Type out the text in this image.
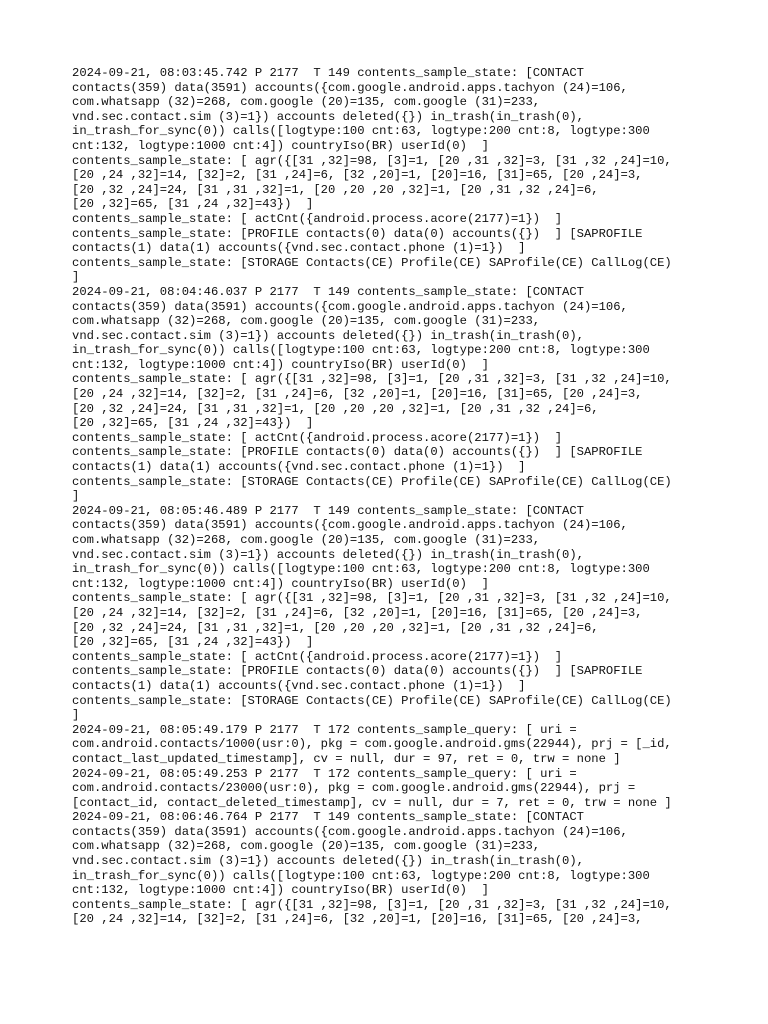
2024-09-21, 08:03:45.742 P 2177  T 149 contents_sample_state: [CONTACT
contacts(359) data(3591) accounts({com.google.android.apps.tachyon (24)=106,
com.whatsapp (32)=268, com.google (20)=135, com.google (31)=233,
vnd.sec.contact.sim (3)=1}) accounts deleted({}) in_trash(in_trash(0),
in_trash_for_sync(0)) calls([logtype:100 cnt:63, logtype:200 cnt:8, logtype:300
cnt:132, logtype:1000 cnt:4]) countryIso(BR) userId(0)  ]
contents_sample_state: [ agr({[31 ,32]=98, [3]=1, [20 ,31 ,32]=3, [31 ,32 ,24]=10,
[20 ,24 ,32]=14, [32]=2, [31 ,24]=6, [32 ,20]=1, [20]=16, [31]=65, [20 ,24]=3,
[20 ,32 ,24]=24, [31 ,31 ,32]=1, [20 ,20 ,20 ,32]=1, [20 ,31 ,32 ,24]=6,
[20 ,32]=65, [31 ,24 ,32]=43})  ]
contents_sample_state: [ actCnt({android.process.acore(2177)=1})  ]
contents_sample_state: [PROFILE contacts(0) data(0) accounts({})  ] [SAPROFILE
contacts(1) data(1) accounts({vnd.sec.contact.phone (1)=1})  ]
contents_sample_state: [STORAGE Contacts(CE) Profile(CE) SAProfile(CE) CallLog(CE)
]
2024-09-21, 08:04:46.037 P 2177  T 149 contents_sample_state: [CONTACT
contacts(359) data(3591) accounts({com.google.android.apps.tachyon (24)=106,
com.whatsapp (32)=268, com.google (20)=135, com.google (31)=233,
vnd.sec.contact.sim (3)=1}) accounts deleted({}) in_trash(in_trash(0),
in_trash_for_sync(0)) calls([logtype:100 cnt:63, logtype:200 cnt:8, logtype:300
cnt:132, logtype:1000 cnt:4]) countryIso(BR) userId(0)  ]
contents_sample_state: [ agr({[31 ,32]=98, [3]=1, [20 ,31 ,32]=3, [31 ,32 ,24]=10,
[20 ,24 ,32]=14, [32]=2, [31 ,24]=6, [32 ,20]=1, [20]=16, [31]=65, [20 ,24]=3,
[20 ,32 ,24]=24, [31 ,31 ,32]=1, [20 ,20 ,20 ,32]=1, [20 ,31 ,32 ,24]=6,
[20 ,32]=65, [31 ,24 ,32]=43})  ]
contents_sample_state: [ actCnt({android.process.acore(2177)=1})  ]
contents_sample_state: [PROFILE contacts(0) data(0) accounts({})  ] [SAPROFILE
contacts(1) data(1) accounts({vnd.sec.contact.phone (1)=1})  ]
contents_sample_state: [STORAGE Contacts(CE) Profile(CE) SAProfile(CE) CallLog(CE)
]
2024-09-21, 08:05:46.489 P 2177  T 149 contents_sample_state: [CONTACT
contacts(359) data(3591) accounts({com.google.android.apps.tachyon (24)=106,
com.whatsapp (32)=268, com.google (20)=135, com.google (31)=233,
vnd.sec.contact.sim (3)=1}) accounts deleted({}) in_trash(in_trash(0),
in_trash_for_sync(0)) calls([logtype:100 cnt:63, logtype:200 cnt:8, logtype:300
cnt:132, logtype:1000 cnt:4]) countryIso(BR) userId(0)  ]
contents_sample_state: [ agr({[31 ,32]=98, [3]=1, [20 ,31 ,32]=3, [31 ,32 ,24]=10,
[20 ,24 ,32]=14, [32]=2, [31 ,24]=6, [32 ,20]=1, [20]=16, [31]=65, [20 ,24]=3,
[20 ,32 ,24]=24, [31 ,31 ,32]=1, [20 ,20 ,20 ,32]=1, [20 ,31 ,32 ,24]=6,
[20 ,32]=65, [31 ,24 ,32]=43})  ]
contents_sample_state: [ actCnt({android.process.acore(2177)=1})  ]
contents_sample_state: [PROFILE contacts(0) data(0) accounts({})  ] [SAPROFILE
contacts(1) data(1) accounts({vnd.sec.contact.phone (1)=1})  ]
contents_sample_state: [STORAGE Contacts(CE) Profile(CE) SAProfile(CE) CallLog(CE)
]
2024-09-21, 08:05:49.179 P 2177  T 172 contents_sample_query: [ uri =
com.android.contacts/1000(usr:0), pkg = com.google.android.gms(22944), prj = [_id,
contact_last_updated_timestamp], cv = null, dur = 97, ret = 0, trw = none ]
2024-09-21, 08:05:49.253 P 2177  T 172 contents_sample_query: [ uri =
com.android.contacts/23000(usr:0), pkg = com.google.android.gms(22944), prj =
[contact_id, contact_deleted_timestamp], cv = null, dur = 7, ret = 0, trw = none ]
2024-09-21, 08:06:46.764 P 2177  T 149 contents_sample_state: [CONTACT
contacts(359) data(3591) accounts({com.google.android.apps.tachyon (24)=106,
com.whatsapp (32)=268, com.google (20)=135, com.google (31)=233,
vnd.sec.contact.sim (3)=1}) accounts deleted({}) in_trash(in_trash(0),
in_trash_for_sync(0)) calls([logtype:100 cnt:63, logtype:200 cnt:8, logtype:300
cnt:132, logtype:1000 cnt:4]) countryIso(BR) userId(0)  ]
contents_sample_state: [ agr({[31 ,32]=98, [3]=1, [20 ,31 ,32]=3, [31 ,32 ,24]=10,
[20 ,24 ,32]=14, [32]=2, [31 ,24]=6, [32 ,20]=1, [20]=16, [31]=65, [20 ,24]=3,
